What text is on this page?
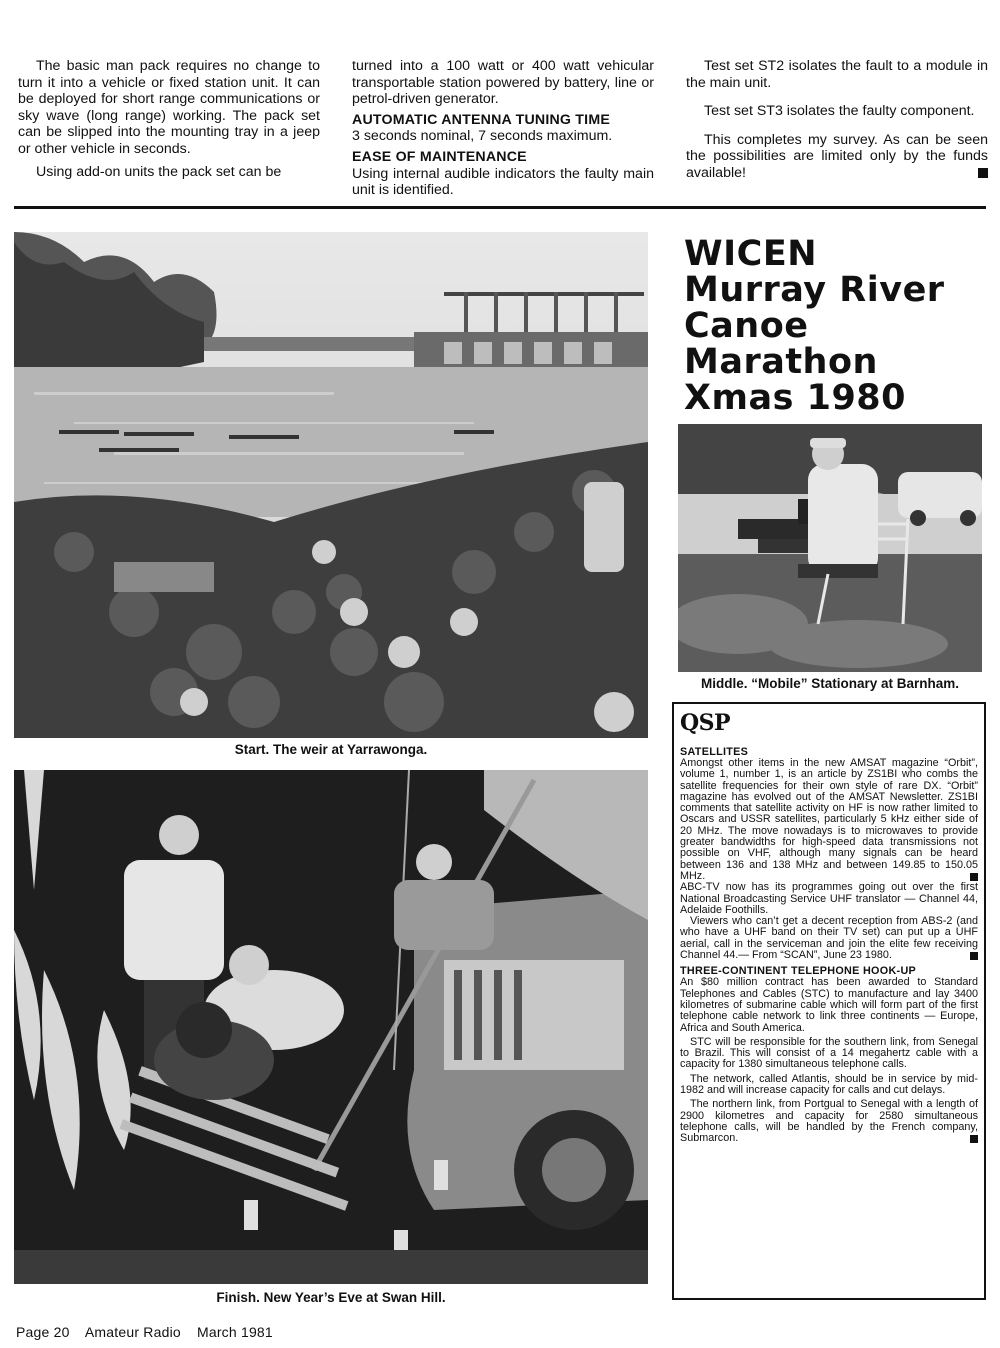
The basic man pack requires no change to turn it into a vehicle or fixed station unit. It can be deployed for short range communications or sky wave (long range) working. The pack set can be slipped into the mounting tray in a jeep or other vehicle in seconds.

Using add-on units the pack set can be

turned into a 100 watt or 400 watt vehicular transportable station powered by battery, line or petrol-driven generator.

AUTOMATIC ANTENNA TUNING TIME

3 seconds nominal, 7 seconds maximum.

EASE OF MAINTENANCE

Using internal audible indicators the faulty main unit is identified.

Test set ST2 isolates the fault to a module in the main unit.

Test set ST3 isolates the faulty component.

This completes my survey. As can be seen the possibilities are limited only by the funds available!

Start. The weir at Yarrawonga.
Finish. New Year’s Eve at Swan Hill.
WICEN
Murray River
Canoe
Marathon
Xmas 1980
Middle. “Mobile” Stationary at Barnham.
QSP
SATELLITES

Amongst other items in the new AMSAT magazine “Orbit”, volume 1, number 1, is an article by ZS1BI who combs the satellite frequencies for their own style of rare DX. “Orbit” magazine has evolved out of the AMSAT Newsletter. ZS1BI comments that satellite activity on HF is now rather limited to Oscars and USSR satellites, particularly 5 kHz either side of 20 MHz. The move nowadays is to microwaves to provide greater bandwidths for high-speed data transmissions not possible on VHF, although many signals can be heard between 136 and 138 MHz and between 149.85 to 150.05 MHz.

ABC-TV now has its programmes going out over the first National Broadcasting Service UHF translator — Channel 44, Adelaide Foothills.

Viewers who can’t get a decent reception from ABS-2 (and who have a UHF band on their TV set) can put up a UHF aerial, call in the serviceman and join the elite few receiving Channel 44.— From “SCAN”, June 23 1980.

THREE-CONTINENT TELEPHONE HOOK-UP

An $80 million contract has been awarded to Standard Telephones and Cables (STC) to manufacture and lay 3400 kilometres of submarine cable which will form part of the first telephone cable network to link three continents — Europe, Africa and South America.

STC will be responsible for the southern link, from Senegal to Brazil. This will consist of a 14 megahertz cable with a capacity for 1380 simultaneous telephone calls.

The network, called Atlantis, should be in service by mid-1982 and will increase capacity for calls and cut delays.

The northern link, from Portgual to Senegal with a length of 2900 kilometres and capacity for 2580 simultaneous telephone calls, will be handled by the French company, Submarcon.

Page 20 Amateur Radio March 1981
